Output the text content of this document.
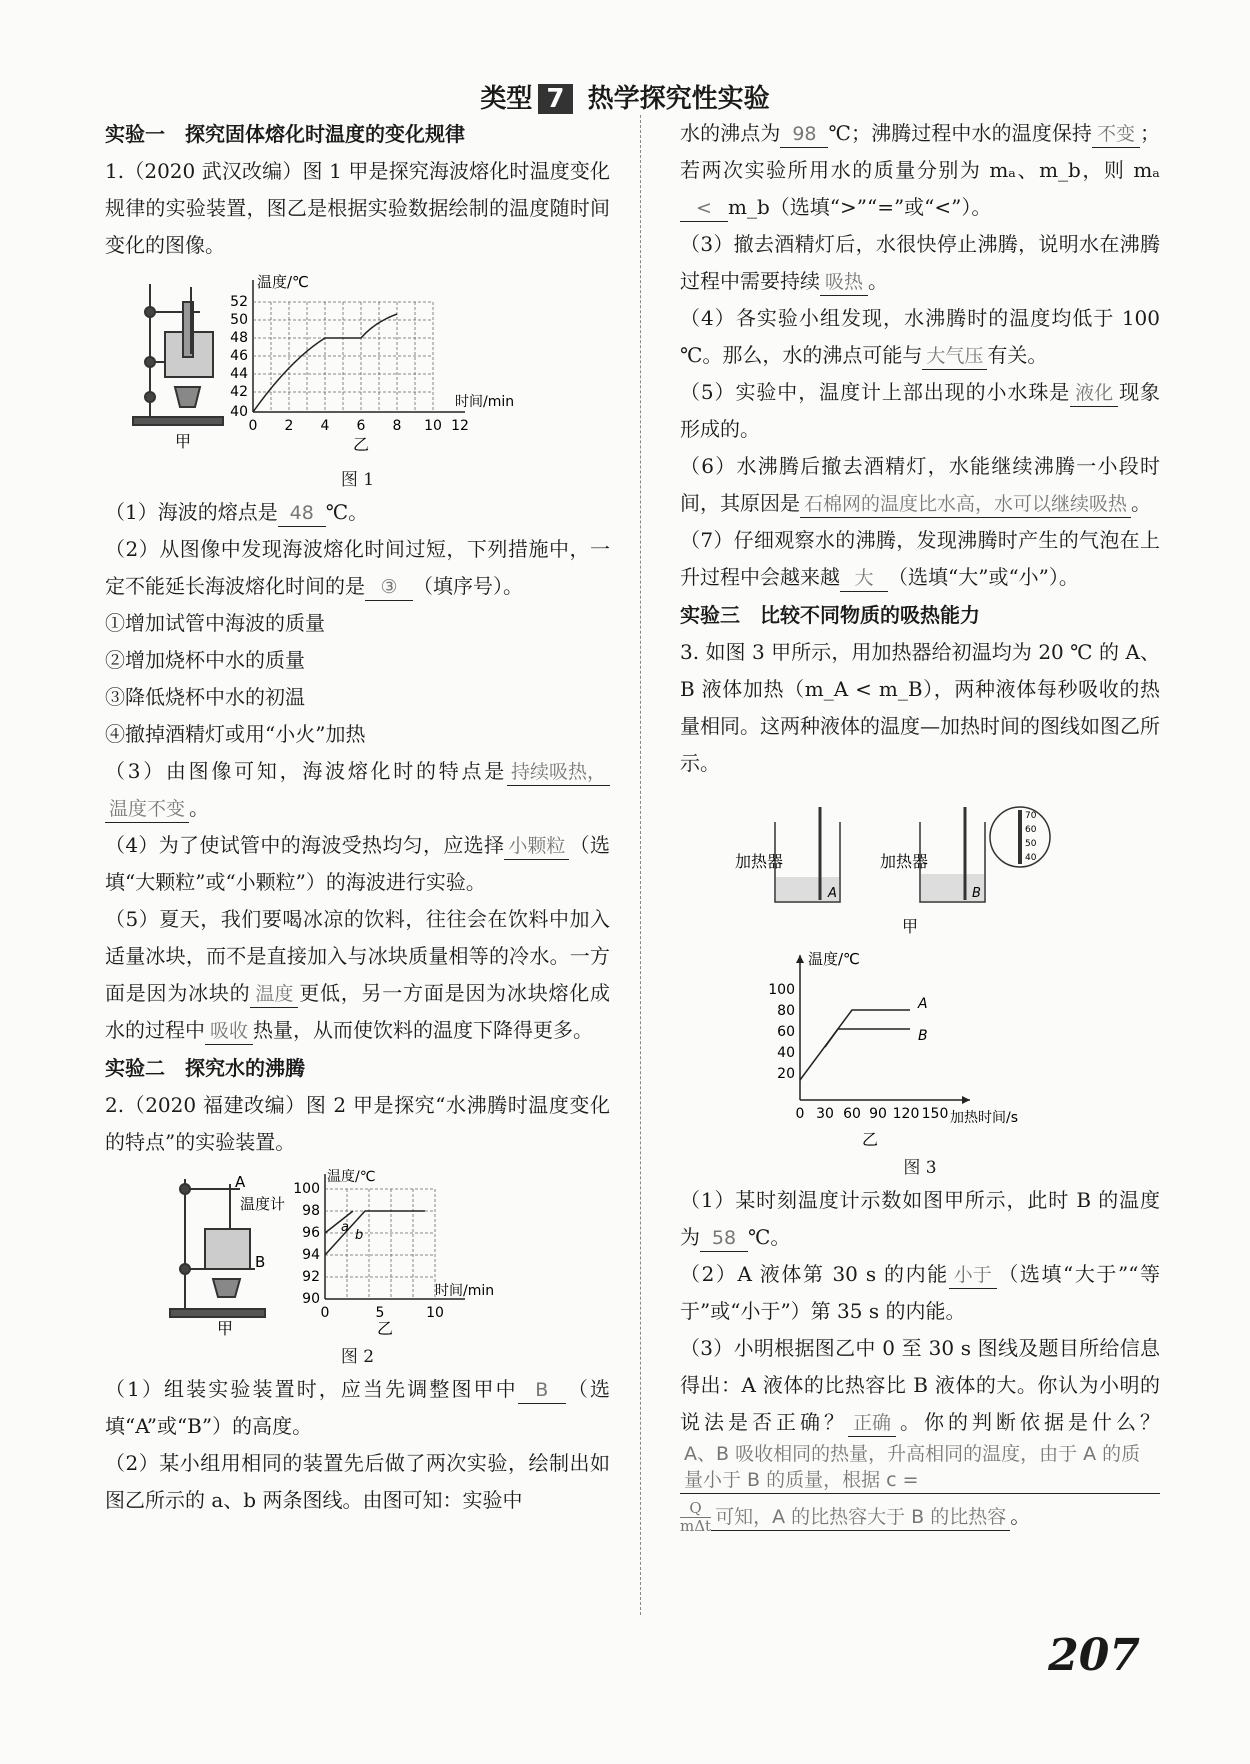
类型 7 热学探究性实验

实验一　探究固体熔化时温度的变化规律

1.（2020 武汉改编）图 1 甲是探究海波熔化时温度变化规律的实验装置，图乙是根据实验数据绘制的温度随时间变化的图像。

甲
温度/℃
52
50
48
46
44
42
40
0 2 4 6 8 10 12
时间/min
乙

图 1

（1）海波的熔点是 48 ℃。

（2）从图像中发现海波熔化时间过短，下列措施中，一定不能延长海波熔化时间的是 ③ （填序号）。

①增加试管中海波的质量

②增加烧杯中水的质量

③降低烧杯中水的初温

④撤掉酒精灯或用“小火”加热

（3）由图像可知，海波熔化时的特点是 持续吸热，温度不变 。

（4）为了使试管中的海波受热均匀，应选择 小颗粒 （选填“大颗粒”或“小颗粒”）的海波进行实验。

（5）夏天，我们要喝冰凉的饮料，往往会在饮料中加入适量冰块，而不是直接加入与冰块质量相等的冷水。一方面是因为冰块的 温度 更低，另一方面是因为冰块熔化成水的过程中 吸收 热量，从而使饮料的温度下降得更多。

实验二　探究水的沸腾

2.（2020 福建改编）图 2 甲是探究“水沸腾时温度变化的特点”的实验装置。

A
温度计
B
甲
温度/℃
a
b
100
98
96
94
92
90
0	5	10
时间/min
乙

图 2

（1）组装实验装置时，应当先调整图甲中 B （选填“A”或“B”）的高度。

（2）某小组用相同的装置先后做了两次实验，绘制出如图乙所示的 a、b 两条图线。由图可知：实验中

水的沸点为 98 ℃；沸腾过程中水的温度保持 不变 ；若两次实验所用水的质量分别为 mₐ、m_b，则 mₐ< m_b（选填“>”“=”或“<”）。

（3）撤去酒精灯后，水很快停止沸腾，说明水在沸腾过程中需要持续 吸热 。

（4）各实验小组发现，水沸腾时的温度均低于 100 ℃。那么，水的沸点可能与 大气压 有关。

（5）实验中，温度计上部出现的小水珠是 液化 现象形成的。

（6）水沸腾后撤去酒精灯，水能继续沸腾一小段时间，其原因是 石棉网的温度比水高，水可以继续吸热 。

（7）仔细观察水的沸腾，发现沸腾时产生的气泡在上升过程中会越来越 大 （选填“大”或“小”）。

实验三　比较不同物质的吸热能力

3. 如图 3 甲所示，用加热器给初温均为 20 ℃ 的 A、B 液体加热（m_A < m_B），两种液体每秒吸收的热量相同。这两种液体的温度—加热时间的图线如图乙所示。

70
60
50
40
加热器	加热器
A	B
甲
温度/℃
A
B
100
80
60
40
20
0 30 60 90 120 150 加热时间/s
乙

图 3

（1）某时刻温度计示数如图甲所示，此时 B 的温度为 58 ℃。

（2）A 液体第 30 s 的内能 小于 （选填“大于”“等于”或“小于”）第 35 s 的内能。

（3）小明根据图乙中 0 至 30 s 图线及题目所给信息得出：A 液体的比热容比 B 液体的大。你认为小明的说法是否正确？ 正确 。你的判断依据是什么？A、B 吸收相同的热量，升高相同的温度，由于 A 的质量小于 B 的质量，根据 c =
$\frac{Q}{\text{mΔt}}$ 可知，A 的比热容大于 B 的比热容 。

207
